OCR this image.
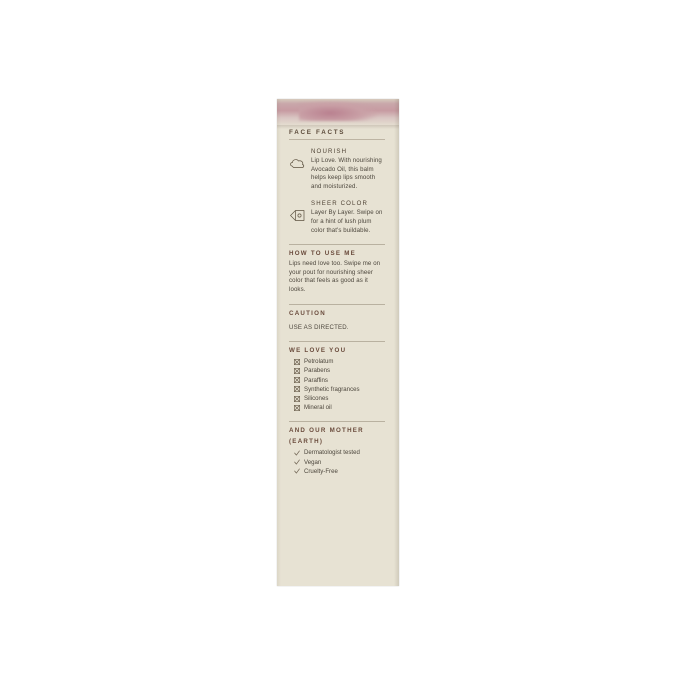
FACE FACTS
NOURISH

Lip Love. With nourishing Avocado Oil, this balm helps keep lips smooth and moisturized.

SHEER COLOR

Layer By Layer. Swipe on for a hint of lush plum color that's buildable.

HOW TO USE ME

Lips need love too. Swipe me on your pout for nourishing sheer color that feels as good as it looks.

CAUTION

USE AS DIRECTED.

WE LOVE YOU
Petrolatum
Parabens
Paraffins
Synthetic fragrances
Silicones
Mineral oil
AND OUR MOTHER
(EARTH)
Dermatologist tested
Vegan
Cruelty-Free
